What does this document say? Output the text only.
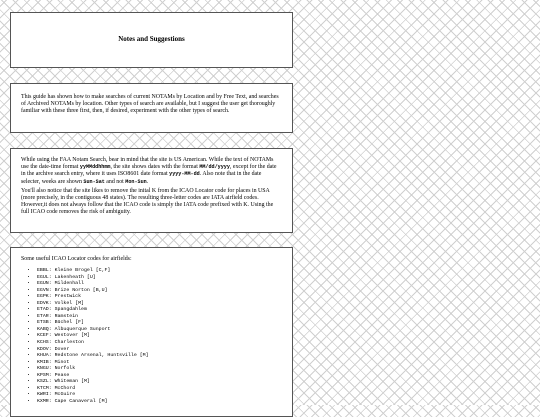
Notes and Suggestions

This guide has shown how to make searches of current NOTAMs by Location and by Free Text, and searches of Archived NOTAMs by location. Other types of search are available, but I suggest the user get thoroughly familiar with these three first, then, if desired, experiment with the other types of search.

While using the FAA Notam Search, bear in mind that the site is US American. While the text of NOTAMs use the date-time format yyMMddhhmm, the site shows dates with the format MM/dd/yyyy, except for the date in the archive search entry, where it uses ISO8601 date format yyyy-MM-dd. Also note that in the date selecter, weeks are shown Sun-Sat and not Mon-Sun.

You'll also notice that the site likes to remove the inital K from the ICAO Locator code for places in USA (more precisely, in the contiguous 48 states). The resulting three-letter codes are IATA airfield codes. However,it does not always follow that the ICAO code is simply the IATA code prefixed with K. Using the full ICAO code removes the risk of ambiguity.

Some useful ICAO Locator codes for airfields:
• EBBL: Kleine Brogel [C,F]
• EGUL: Lakenheath [U]
• EGUN: Mildenhall
• EGVN: Brize Norton [B,U]
• EGPK: Prestwick
• EDVK: Volkel [M]
• ETAD: Spangdahlem
• ETAR: Ramstein
• ETSB: Büchel [F]
• KABQ: Albuquerque Sunport
• KCEF: Westover [M]
• KCHS: Charleston
• KDOV: Dover
• KHUA: Redstone Arsenal, Huntsville [M]
• KMIB: Minot
• KNGU: Norfolk
• KPSM: Pease
• KSZL: Whiteman [M]
• KTCM: McChord
• KWRI: McGuire
• KXMR: Cape Canaveral [M]
